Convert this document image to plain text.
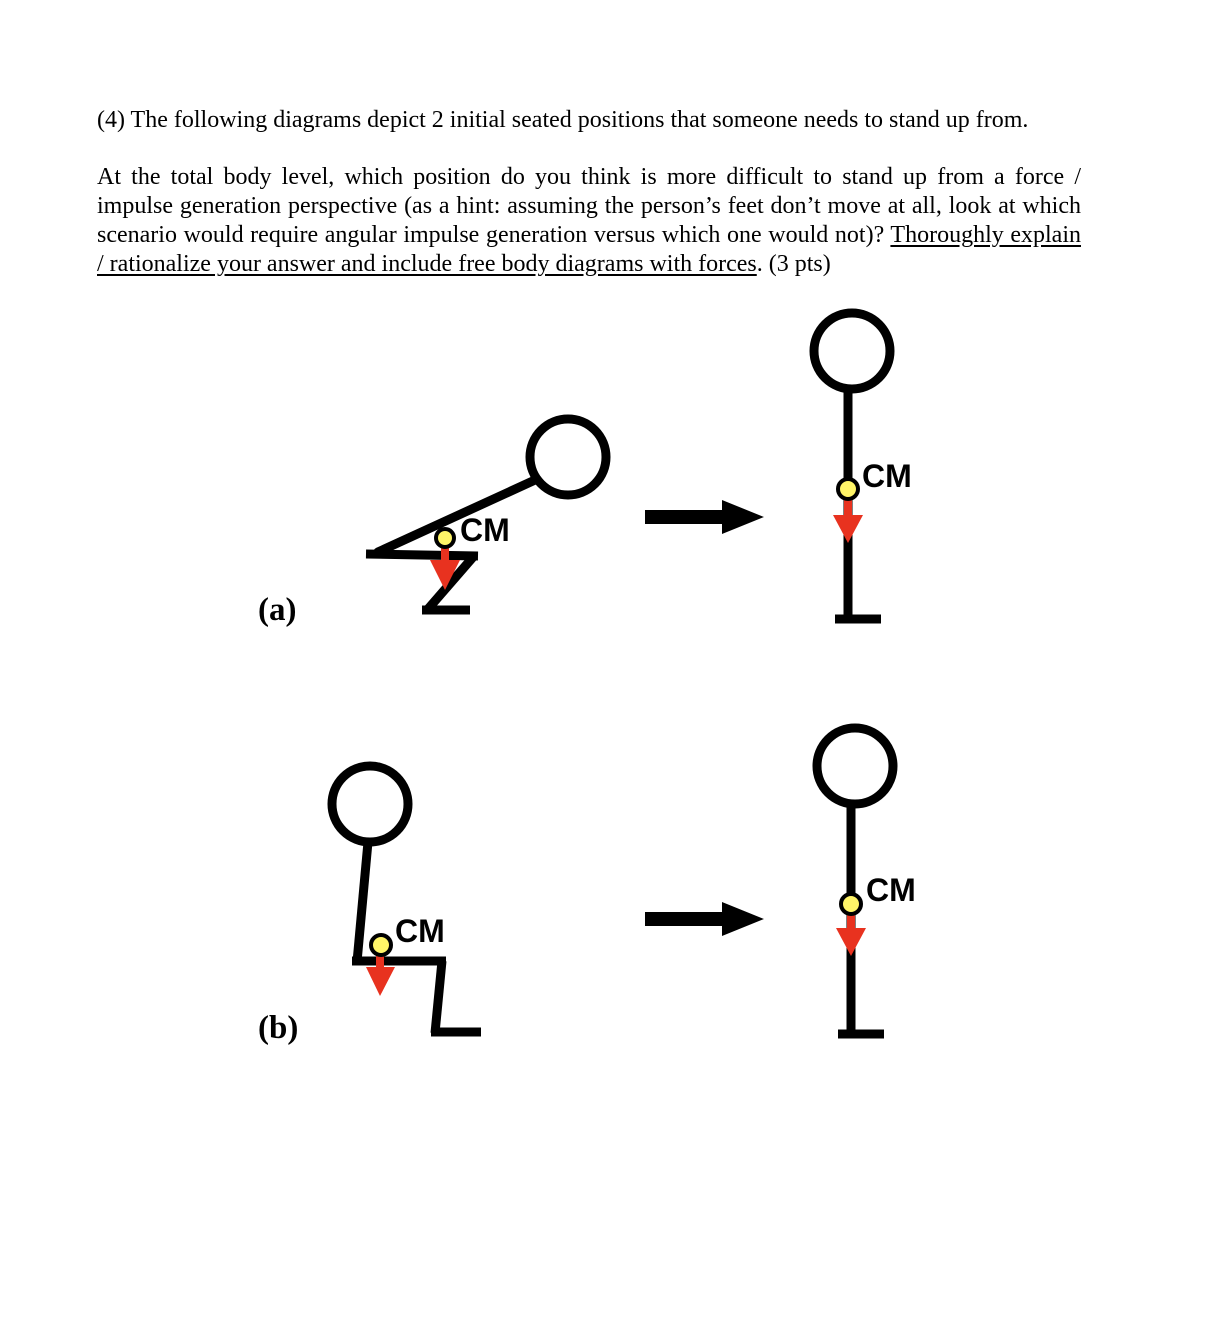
(4) The following diagrams depict 2 initial seated positions that someone needs to stand up from.
At the total body level, which position do you think is more difficult to stand up from a force / impulse generation perspective (as a hint: assuming the person’s feet don’t move at all, look at which scenario would require angular impulse generation versus which one would not)? Thoroughly explain / rationalize your answer and include free body diagrams with forces. (3 pts)
(a)
CM
CM
(b)
CM
CM
